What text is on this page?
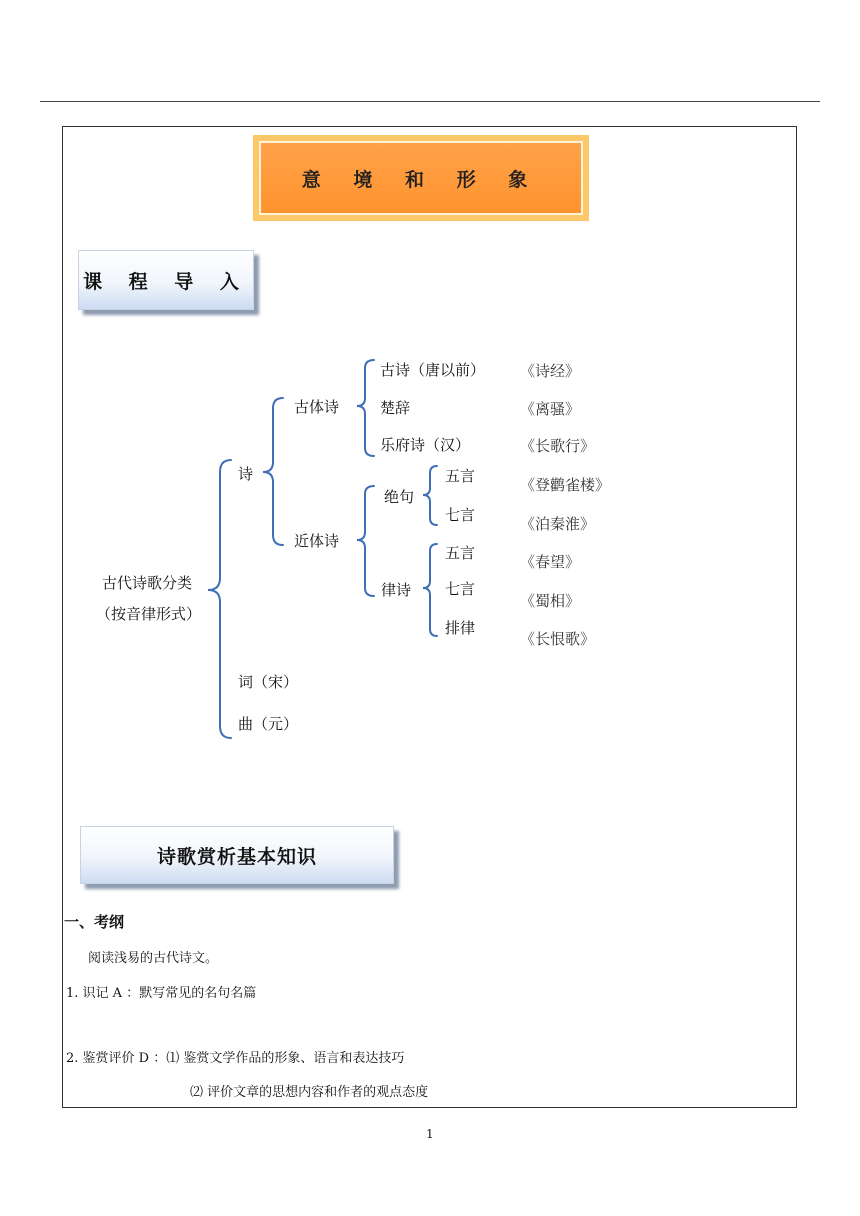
意 境 和 形 象
课 程 导 入
古代诗歌分类
（按音律形式）
诗
古体诗
古诗（唐以前）
楚辞
乐府诗（汉）
近体诗
绝句
五言
七言
律诗
五言
七言
排律
词（宋）
曲（元）
《诗经》
《离骚》
《长歌行》
《登鹳雀楼》
《泊秦淮》
《春望》
《蜀相》
《长恨歌》
诗歌赏析基本知识
一、考纲
阅读浅易的古代诗文。
1. 识记 A ：默写常见的名句名篇
2. 鉴赏评价 D ：⑴ 鉴赏文学作品的形象、语言和表达技巧
⑵ 评价文章的思想内容和作者的观点态度
1
